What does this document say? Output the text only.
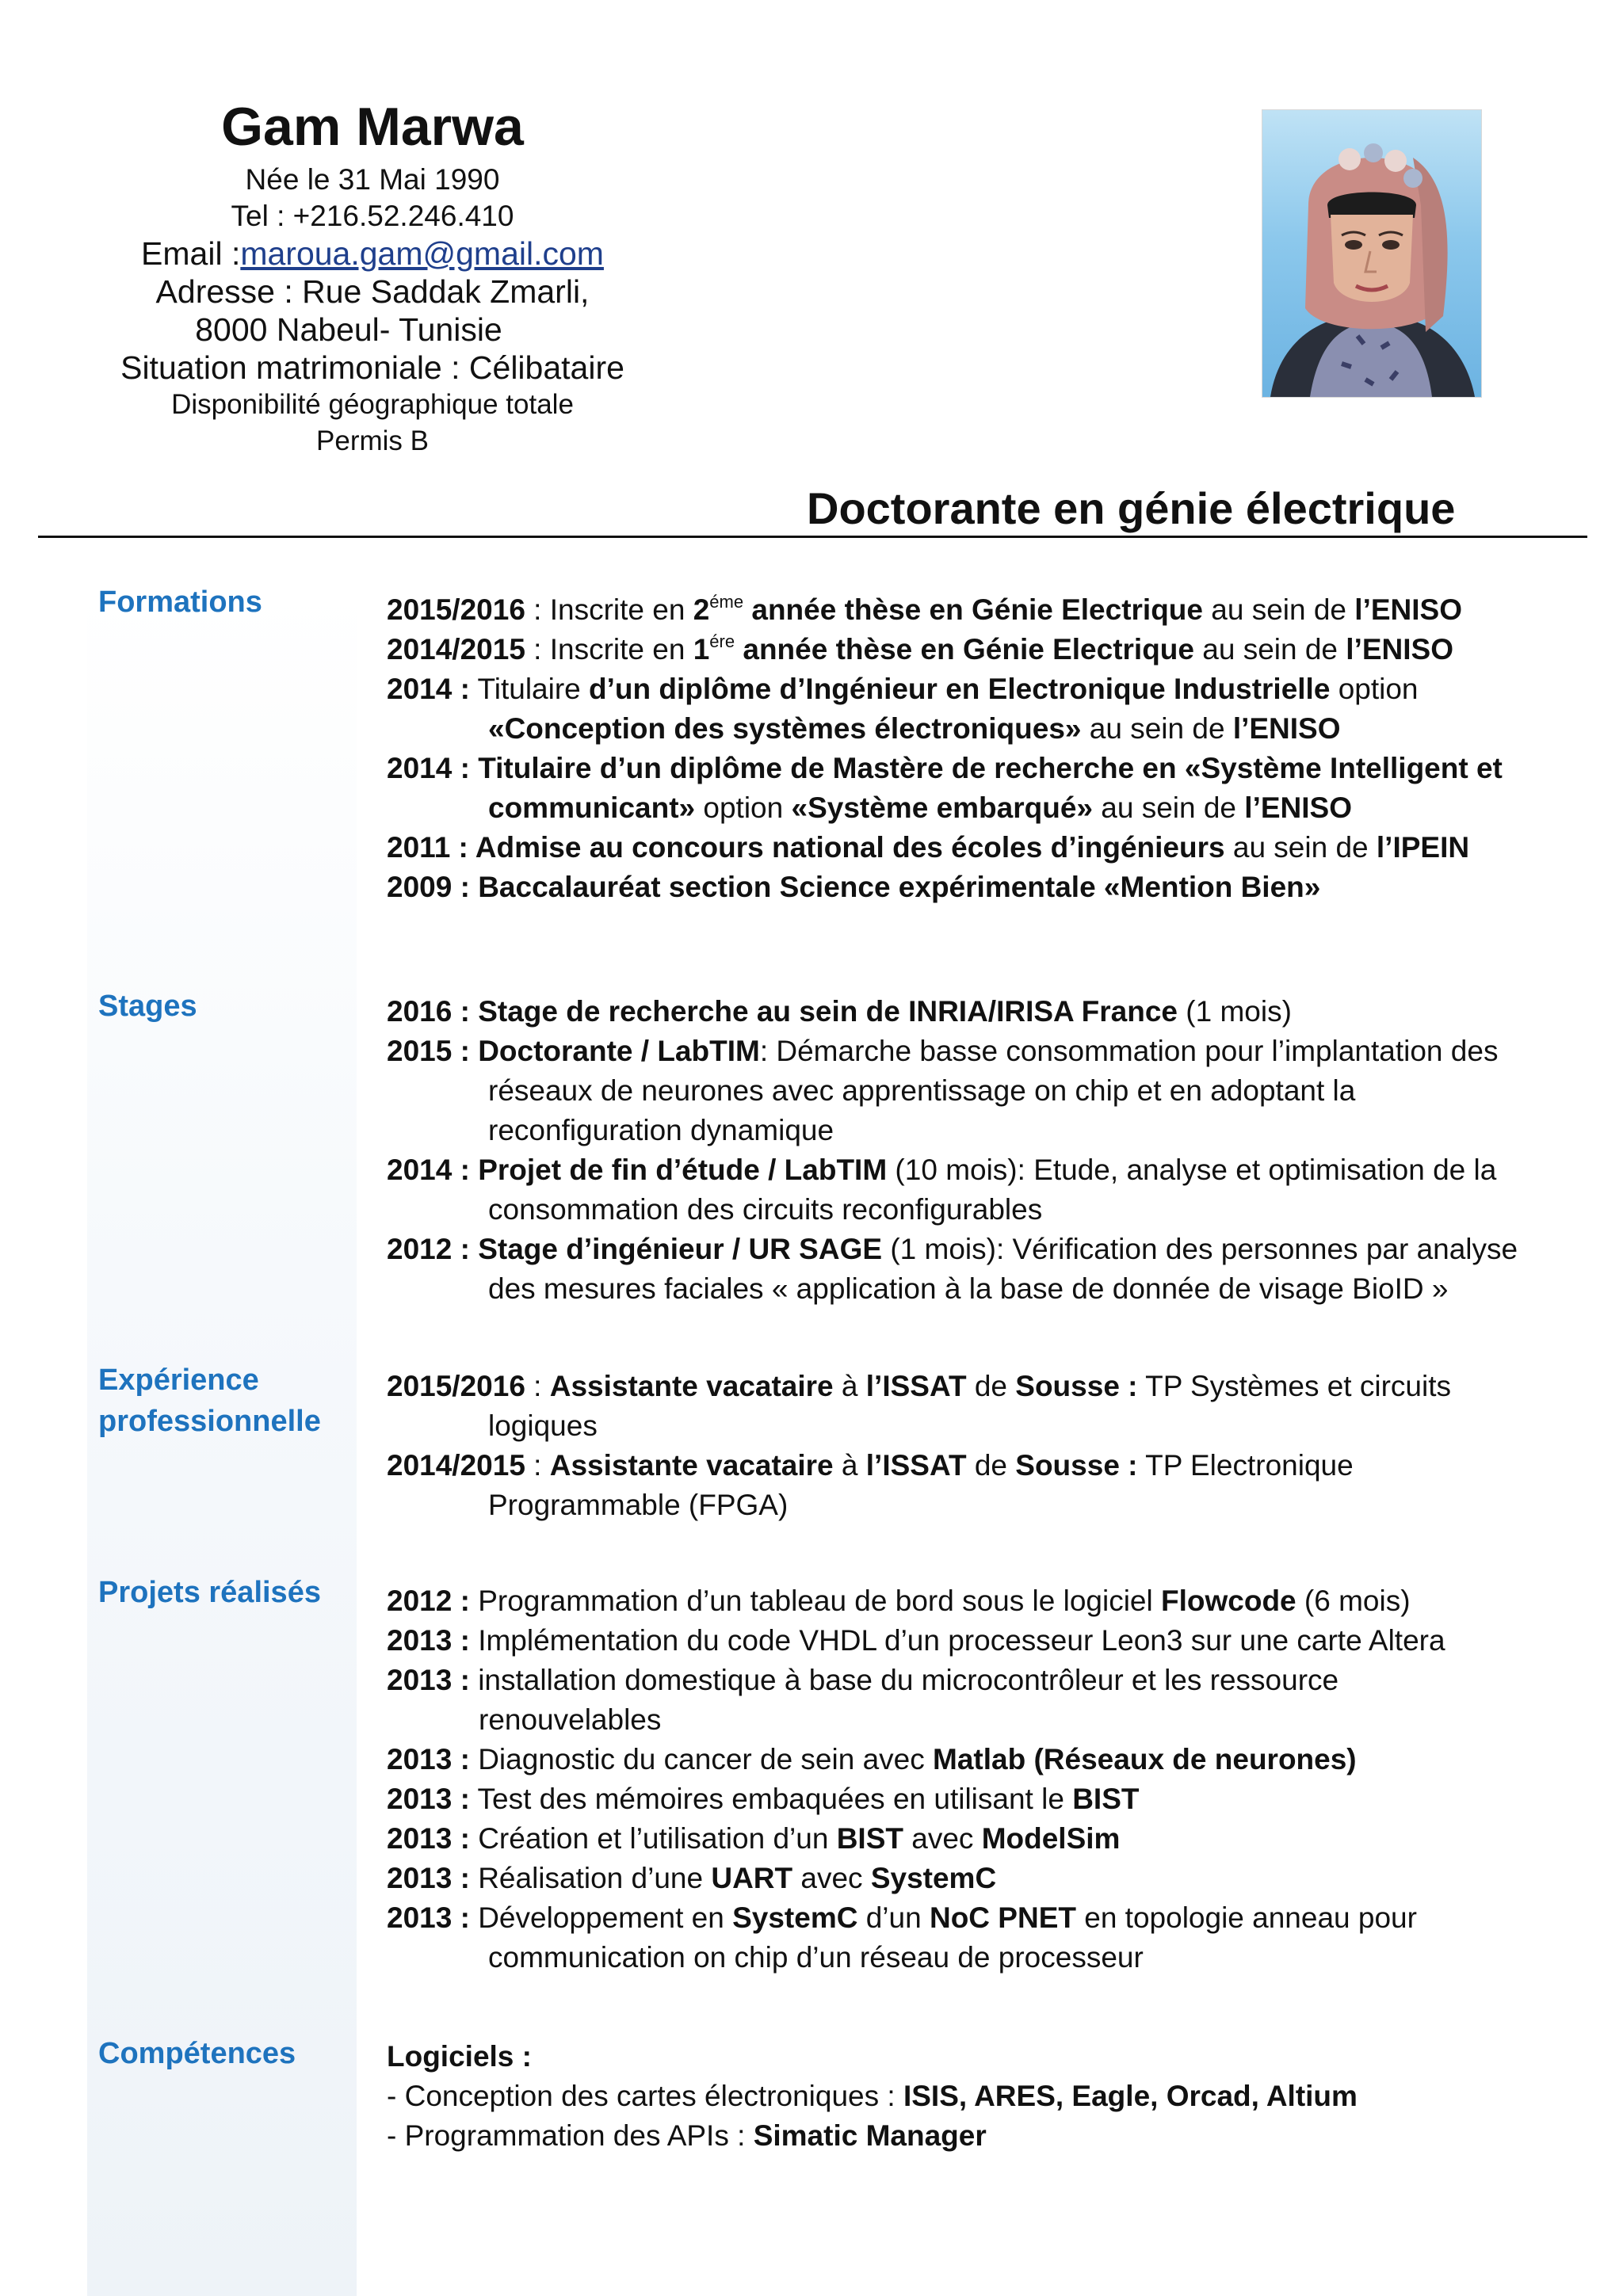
Gam Marwa
Née le 31 Mai 1990
Tel : +216.52.246.410
Email :maroua.gam@gmail.com
Adresse : Rue Saddak Zmarli,
8000 Nabeul- Tunisie
Situation matrimoniale : Célibataire
Disponibilité géographique totale
Permis B
Doctorante en génie électrique
Formations	2015/2016 : Inscrite en $2^{éme}$ année thèse en Génie Electrique au sein de l’ENISO
2014/2015 : Inscrite en $1^{ére}$ année thèse en Génie Electrique au sein de l’ENISO
2014 : Titulaire d’un diplôme d’Ingénieur en Electronique Industrielle option
«Conception des systèmes électroniques» au sein de l’ENISO
2014 : Titulaire d’un diplôme de Mastère de recherche en «Système Intelligent et
communicant» option «Système embarqué» au sein de l’ENISO
2011 : Admise au concours national des écoles d’ingénieurs au sein de l’IPEIN
2009 : Baccalauréat section Science expérimentale «Mention Bien»
Stages	2016 : Stage de recherche au sein de INRIA/IRISA France (1 mois)
2015 : Doctorante / LabTIM: Démarche basse consommation pour l’implantation des
réseaux de neurones avec apprentissage on chip et en adoptant la
reconfiguration dynamique
2014 : Projet de fin d’étude / LabTIM (10 mois): Etude, analyse et optimisation de la
consommation des circuits reconfigurables
2012 : Stage d’ingénieur / UR SAGE (1 mois): Vérification des personnes par analyse
des mesures faciales « application à la base de donnée de visage BioID »
Expérience
professionnelle
2015/2016 : Assistante vacataire à l’ISSAT de Sousse : TP Systèmes et circuits
logiques
2014/2015 : Assistante vacataire à l’ISSAT de Sousse : TP Electronique
Programmable (FPGA)
Projets réalisés 2012 : Programmation d’un tableau de bord sous le logiciel Flowcode (6 mois)
2013 : Implémentation du code VHDL d’un processeur Leon3 sur une carte Altera
2013 : installation domestique à base du microcontrôleur et les ressource
renouvelables
2013 : Diagnostic du cancer de sein avec Matlab (Réseaux de neurones)
2013 : Test des mémoires embaquées en utilisant le BIST
2013 : Création et l’utilisation d’un BIST avec ModelSim
2013 : Réalisation d’une UART avec SystemC
2013 : Développement en SystemC d’un NoC PNET en topologie anneau pour
communication on chip d’un réseau de processeur
Compétences	Logiciels :
- Conception des cartes électroniques : ISIS, ARES, Eagle, Orcad, Altium
- Programmation des APIs : Simatic Manager
